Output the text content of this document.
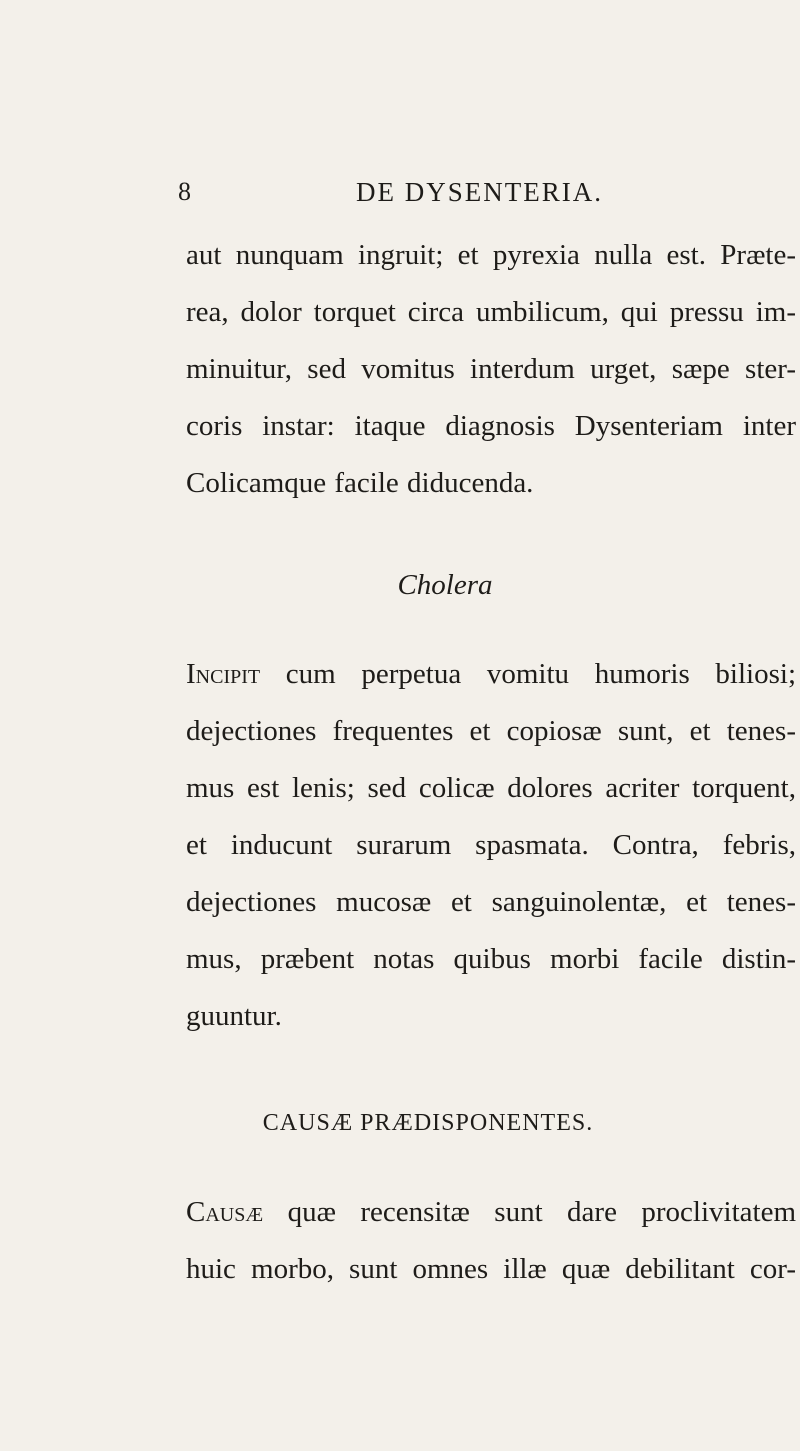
8	DE DYSENTERIA.
aut nunquam ingruit; et pyrexia nulla est. Præte-
rea, dolor torquet circa umbilicum, qui pressu im-
minuitur, sed vomitus interdum urget, sæpe ster-
coris instar: itaque diagnosis Dysenteriam inter
Colicamque facile diducenda.
Cholera
Incipit cum perpetua vomitu humoris biliosi;
dejectiones frequentes et copiosæ sunt, et tenes-
mus est lenis; sed colicæ dolores acriter torquent,
et inducunt surarum spasmata. Contra, febris,
dejectiones mucosæ et sanguinolentæ, et tenes-
mus, præbent notas quibus morbi facile distin-
guuntur.
CAUSÆ PRÆDISPONENTES.
Causæ quæ recensitæ sunt dare proclivitatem
huic morbo, sunt omnes illæ quæ debilitant cor-
